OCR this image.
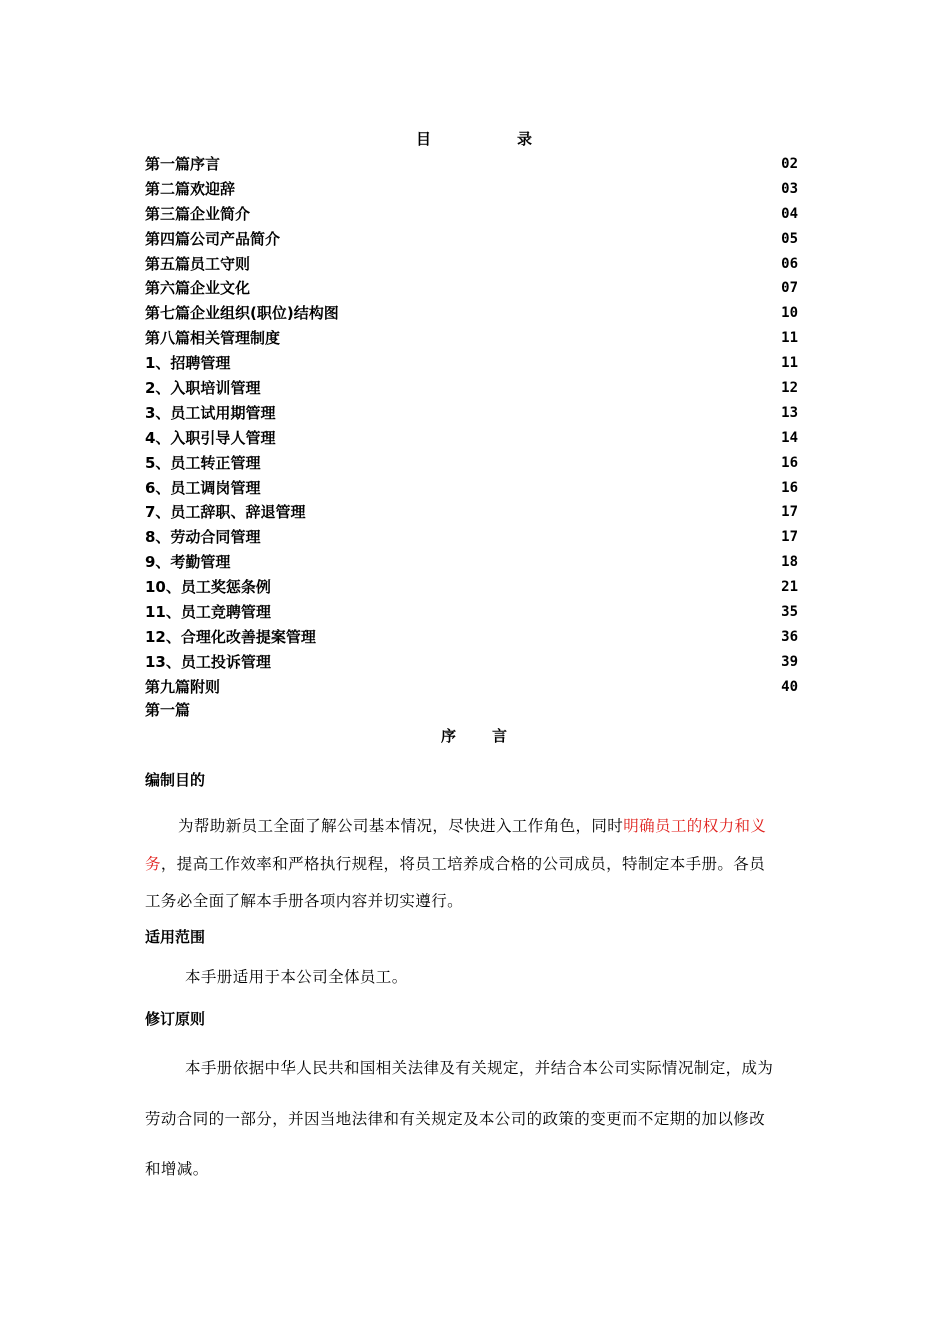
目	录
第一篇序言	02
第二篇欢迎辞	03
第三篇企业简介	04
第四篇公司产品简介	05
第五篇员工守则	06
第六篇企业文化	07
第七篇企业组织(职位)结构图	10
第八篇相关管理制度	11
1、招聘管理	11
2、入职培训管理	12
3、员工试用期管理	13
4、入职引导人管理	14
5、员工转正管理	16
6、员工调岗管理	16
7、员工辞职、辞退管理	17
8、劳动合同管理	17
9、考勤管理	18
10、员工奖惩条例	21
11、员工竞聘管理	35
12、合理化改善提案管理	36
13、员工投诉管理	39
第九篇附则	40
第一篇
序 言
编制目的
为帮助新员工全面了解公司基本情况，尽快进入工作角色，同时明确员工的权力和义
务，提高工作效率和严格执行规程，将员工培养成合格的公司成员，特制定本手册。各员
工务必全面了解本手册各项内容并切实遵行。
适用范围
本手册适用于本公司全体员工。
修订原则
本手册依据中华人民共和国相关法律及有关规定，并结合本公司实际情况制定，成为
劳动合同的一部分，并因当地法律和有关规定及本公司的政策的变更而不定期的加以修改
和增减。
